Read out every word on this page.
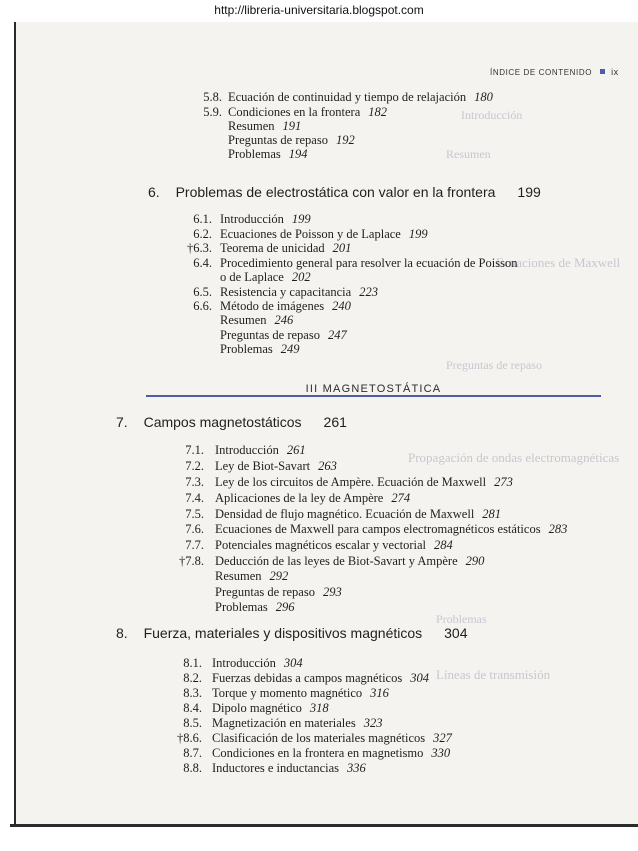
http://libreria-universitaria.blogspot.com
Introducción
Resumen
Ecuaciones de Maxwell
Preguntas de repaso
Propagación de ondas electromagnéticas
Problemas
Líneas de transmisión
ÍNDICE DE CONTENIDO ix
5.8. Ecuación de continuidad y tiempo de relajación 180
5.9. Condiciones en la frontera 182
Resumen 191
Preguntas de repaso 192
Problemas 194
6. Problemas de electrostática con valor en la frontera 199
6.1. Introducción 199
6.2. Ecuaciones de Poisson y de Laplace 199
†6.3. Teorema de unicidad 201
6.4. Procedimiento general para resolver la ecuación de Poisson
o de Laplace 202
6.5. Resistencia y capacitancia 223
6.6. Método de imágenes 240
Resumen 246
Preguntas de repaso 247
Problemas 249
III MAGNETOSTÁTICA
7. Campos magnetostáticos 261
7.1. Introducción 261
7.2. Ley de Biot-Savart 263
7.3. Ley de los circuitos de Ampère. Ecuación de Maxwell 273
7.4. Aplicaciones de la ley de Ampère 274
7.5. Densidad de flujo magnético. Ecuación de Maxwell 281
7.6. Ecuaciones de Maxwell para campos electromagnéticos estáticos 283
7.7. Potenciales magnéticos escalar y vectorial 284
†7.8. Deducción de las leyes de Biot-Savart y Ampère 290
Resumen 292
Preguntas de repaso 293
Problemas 296
8. Fuerza, materiales y dispositivos magnéticos 304
8.1. Introducción 304
8.2. Fuerzas debidas a campos magnéticos 304
8.3. Torque y momento magnético 316
8.4. Dipolo magnético 318
8.5. Magnetización en materiales 323
†8.6. Clasificación de los materiales magnéticos 327
8.7. Condiciones en la frontera en magnetismo 330
8.8. Inductores e inductancias 336
